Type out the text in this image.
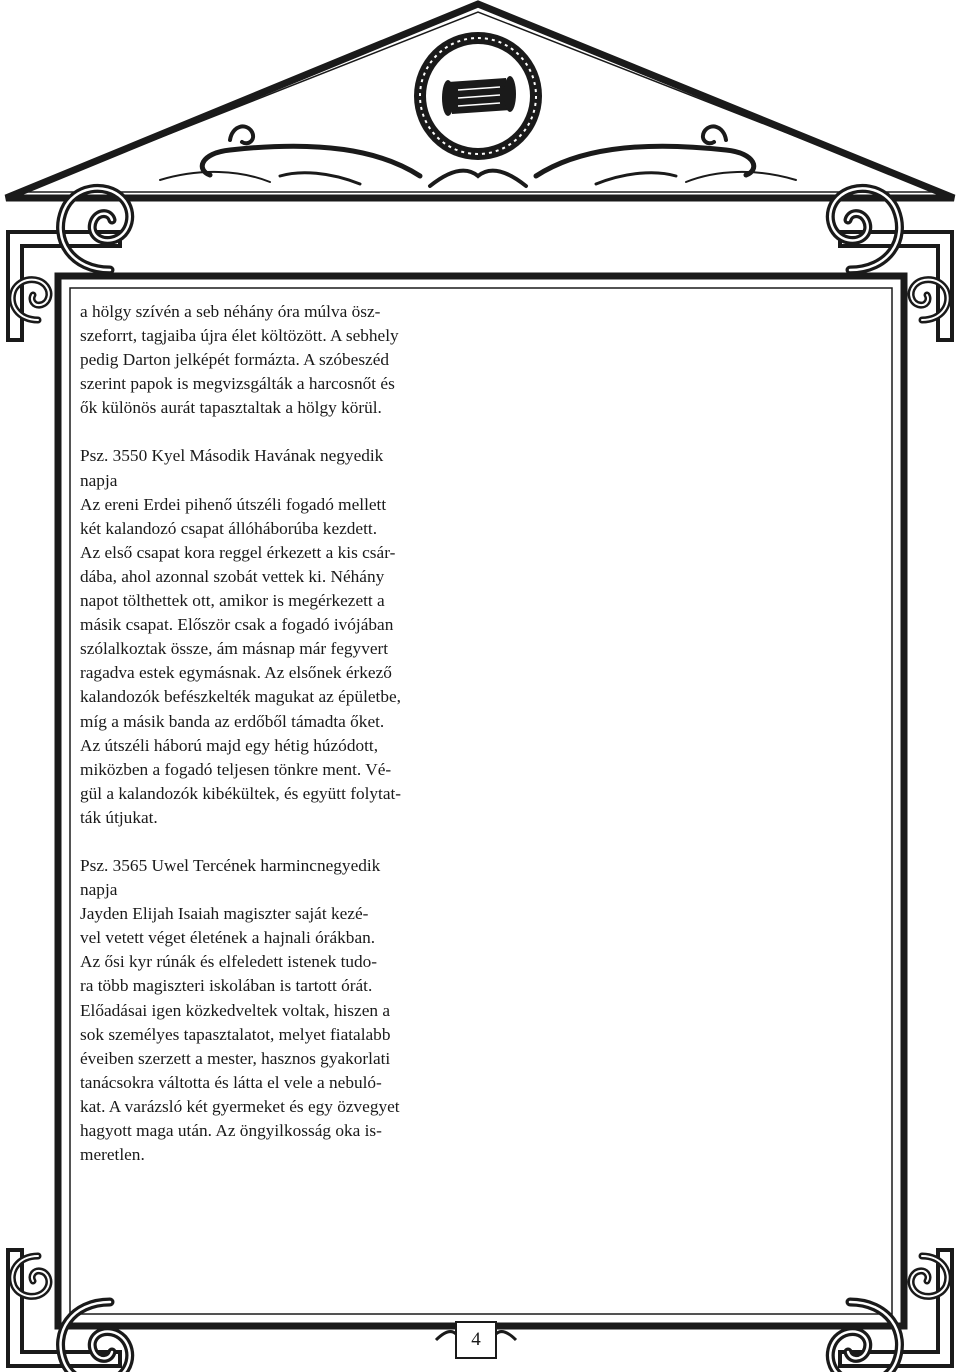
a hölgy szívén a seb néhány óra múlva ösz-
szeforrt, tagjaiba újra élet költözött. A sebhely
pedig Darton jelképét formázta. A szóbeszéd
szerint papok is megvizsgálták a harcosnőt és
ők különös aurát tapasztaltak a hölgy körül.

Psz. 3550 Kyel Második Havának negyedik
napja
Az ereni Erdei pihenő útszéli fogadó mellett
két kalandozó csapat állóháborúba kezdett.
Az első csapat kora reggel érkezett a kis csár-
dába, ahol azonnal szobát vettek ki. Néhány
napot tölthettek ott, amikor is megérkezett a
másik csapat. Először csak a fogadó ivójában
szólalkoztak össze, ám másnap már fegyvert
ragadva estek egymásnak. Az elsőnek érkező
kalandozók befészkelték magukat az épületbe,
míg a másik banda az erdőből támadta őket.
Az útszéli háború majd egy hétig húzódott,
miközben a fogadó teljesen tönkre ment. Vé-
gül a kalandozók kibékültek, és együtt folytat-
ták útjukat.

Psz. 3565 Uwel Tercének harmincnegyedik
napja
Jayden Elijah Isaiah magiszter saját kezé-
vel vetett véget életének a hajnali órákban.
Az ősi kyr rúnák és elfeledett istenek tudo-
ra több magiszteri iskolában is tartott órát.
Előadásai igen közkedveltek voltak, hiszen a
sok személyes tapasztalatot, melyet fiatalabb
éveiben szerzett a mester, hasznos gyakorlati
tanácsokra váltotta és látta el vele a nebuló-
kat. A varázsló két gyermeket és egy özvegyet
hagyott maga után. Az öngyilkosság oka is-
meretlen.

4
